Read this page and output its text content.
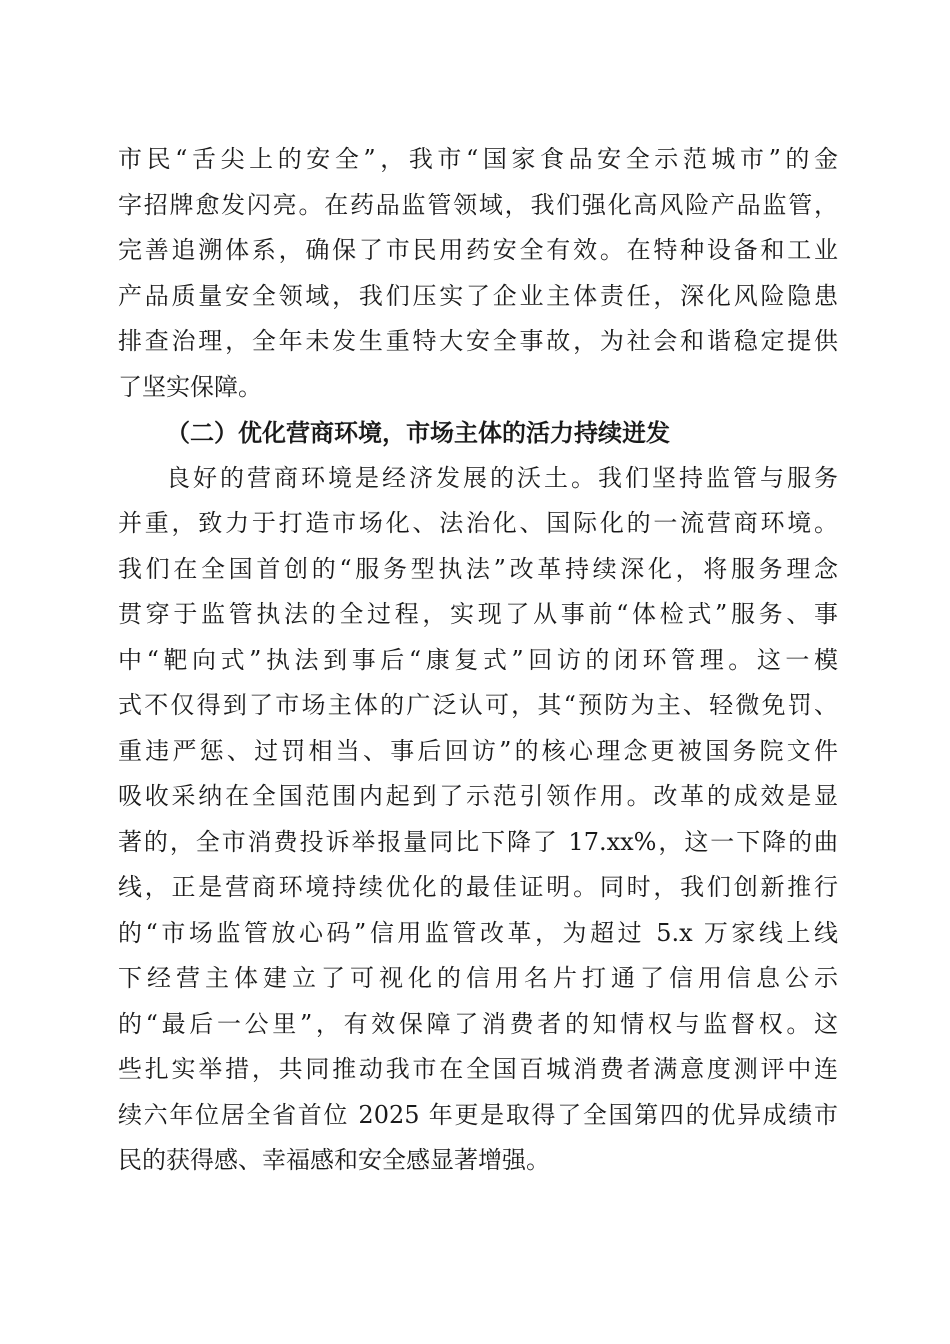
市民“舌尖上的安全”，我市“国家食品安全示范城市”的金
字招牌愈发闪亮。在药品监管领域，我们强化高风险产品监管，
完善追溯体系，确保了市民用药安全有效。在特种设备和工业
产品质量安全领域，我们压实了企业主体责任，深化风险隐患
排查治理，全年未发生重特大安全事故，为社会和谐稳定提供
了坚实保障。
（二）优化营商环境，市场主体的活力持续迸发
良好的营商环境是经济发展的沃土。我们坚持监管与服务
并重，致力于打造市场化、法治化、国际化的一流营商环境。
我们在全国首创的“服务型执法”改革持续深化，将服务理念
贯穿于监管执法的全过程，实现了从事前“体检式”服务、事
中“靶向式”执法到事后“康复式”回访的闭环管理。这一模
式不仅得到了市场主体的广泛认可，其“预防为主、轻微免罚、
重违严惩、过罚相当、事后回访”的核心理念更被国务院文件
吸收采纳在全国范围内起到了示范引领作用。改革的成效是显
著的，全市消费投诉举报量同比下降了 17.xx%，这一下降的曲
线，正是营商环境持续优化的最佳证明。同时，我们创新推行
的“市场监管放心码”信用监管改革，为超过 5.x 万家线上线
下经营主体建立了可视化的信用名片打通了信用信息公示
的“最后一公里”，有效保障了消费者的知情权与监督权。这
些扎实举措，共同推动我市在全国百城消费者满意度测评中连
续六年位居全省首位 2025 年更是取得了全国第四的优异成绩市
民的获得感、幸福感和安全感显著增强。
